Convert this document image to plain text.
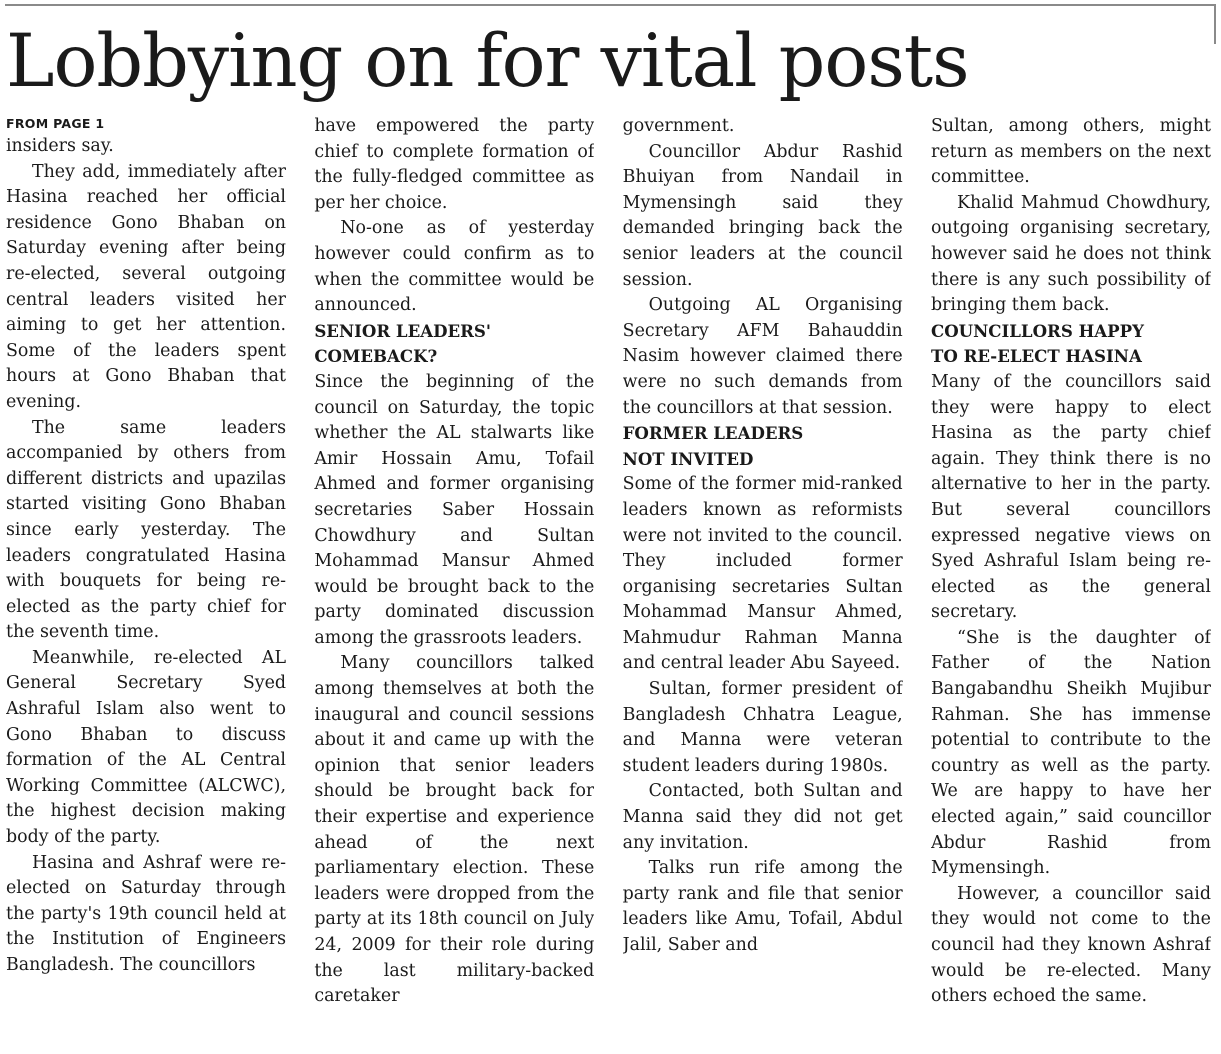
Lobbying on for vital posts
FROM PAGE 1

insiders say.

They add, immediately after Hasina reached her official residence Gono Bhaban on Saturday evening after being re-elected, several outgoing central leaders visited her aiming to get her attention. Some of the leaders spent hours at Gono Bhaban that evening.

The same leaders accompanied by others from different districts and upazilas started visiting Gono Bhaban since early yesterday. The leaders congratulated Hasina with bouquets for being re-elected as the party chief for the seventh time.

Meanwhile, re-elected AL General Secretary Syed Ashraful Islam also went to Gono Bhaban to discuss formation of the AL Central Working Committee (ALCWC), the highest decision making body of the party.

Hasina and Ashraf were re-elected on Saturday through the party's 19th council held at the Institution of Engineers Bangladesh. The councillors

have empowered the party chief to complete formation of the fully-fledged committee as per her choice.

No-one as of yesterday however could confirm as to when the committee would be announced.

SENIOR LEADERS'
COMEBACK?

Since the beginning of the council on Saturday, the topic whether the AL stalwarts like Amir Hossain Amu, Tofail Ahmed and former organising secretaries Saber Hossain Chowdhury and Sultan Mohammad Mansur Ahmed would be brought back to the party dominated discussion among the grassroots leaders.

Many councillors talked among themselves at both the inaugural and council sessions about it and came up with the opinion that senior leaders should be brought back for their expertise and experience ahead of the next parliamentary election. These leaders were dropped from the party at its 18th council on July 24, 2009 for their role during the last military-backed caretaker

government.

Councillor Abdur Rashid Bhuiyan from Nandail in Mymensingh said they demanded bringing back the senior leaders at the council session.

Outgoing AL Organising Secretary AFM Bahauddin Nasim however claimed there were no such demands from the councillors at that session.

FORMER LEADERS
NOT INVITED

Some of the former mid-ranked leaders known as reformists were not invited to the council. They included former organising secretaries Sultan Mohammad Mansur Ahmed, Mahmudur Rahman Manna and central leader Abu Sayeed.

Sultan, former president of Bangladesh Chhatra League, and Manna were veteran student leaders during 1980s.

Contacted, both Sultan and Manna said they did not get any invitation.

Talks run rife among the party rank and file that senior leaders like Amu, Tofail, Abdul Jalil, Saber and

Sultan, among others, might return as members on the next committee.

Khalid Mahmud Chowdhury, outgoing organising secretary, however said he does not think there is any such possibility of bringing them back.

COUNCILLORS HAPPY
TO RE-ELECT HASINA

Many of the councillors said they were happy to elect Hasina as the party chief again. They think there is no alternative to her in the party. But several councillors expressed negative views on Syed Ashraful Islam being re-elected as the general secretary.

“She is the daughter of Father of the Nation Bangabandhu Sheikh Mujibur Rahman. She has immense potential to contribute to the country as well as the party. We are happy to have her elected again,” said councillor Abdur Rashid from Mymensingh.

However, a councillor said they would not come to the council had they known Ashraf would be re-elected. Many others echoed the same.
